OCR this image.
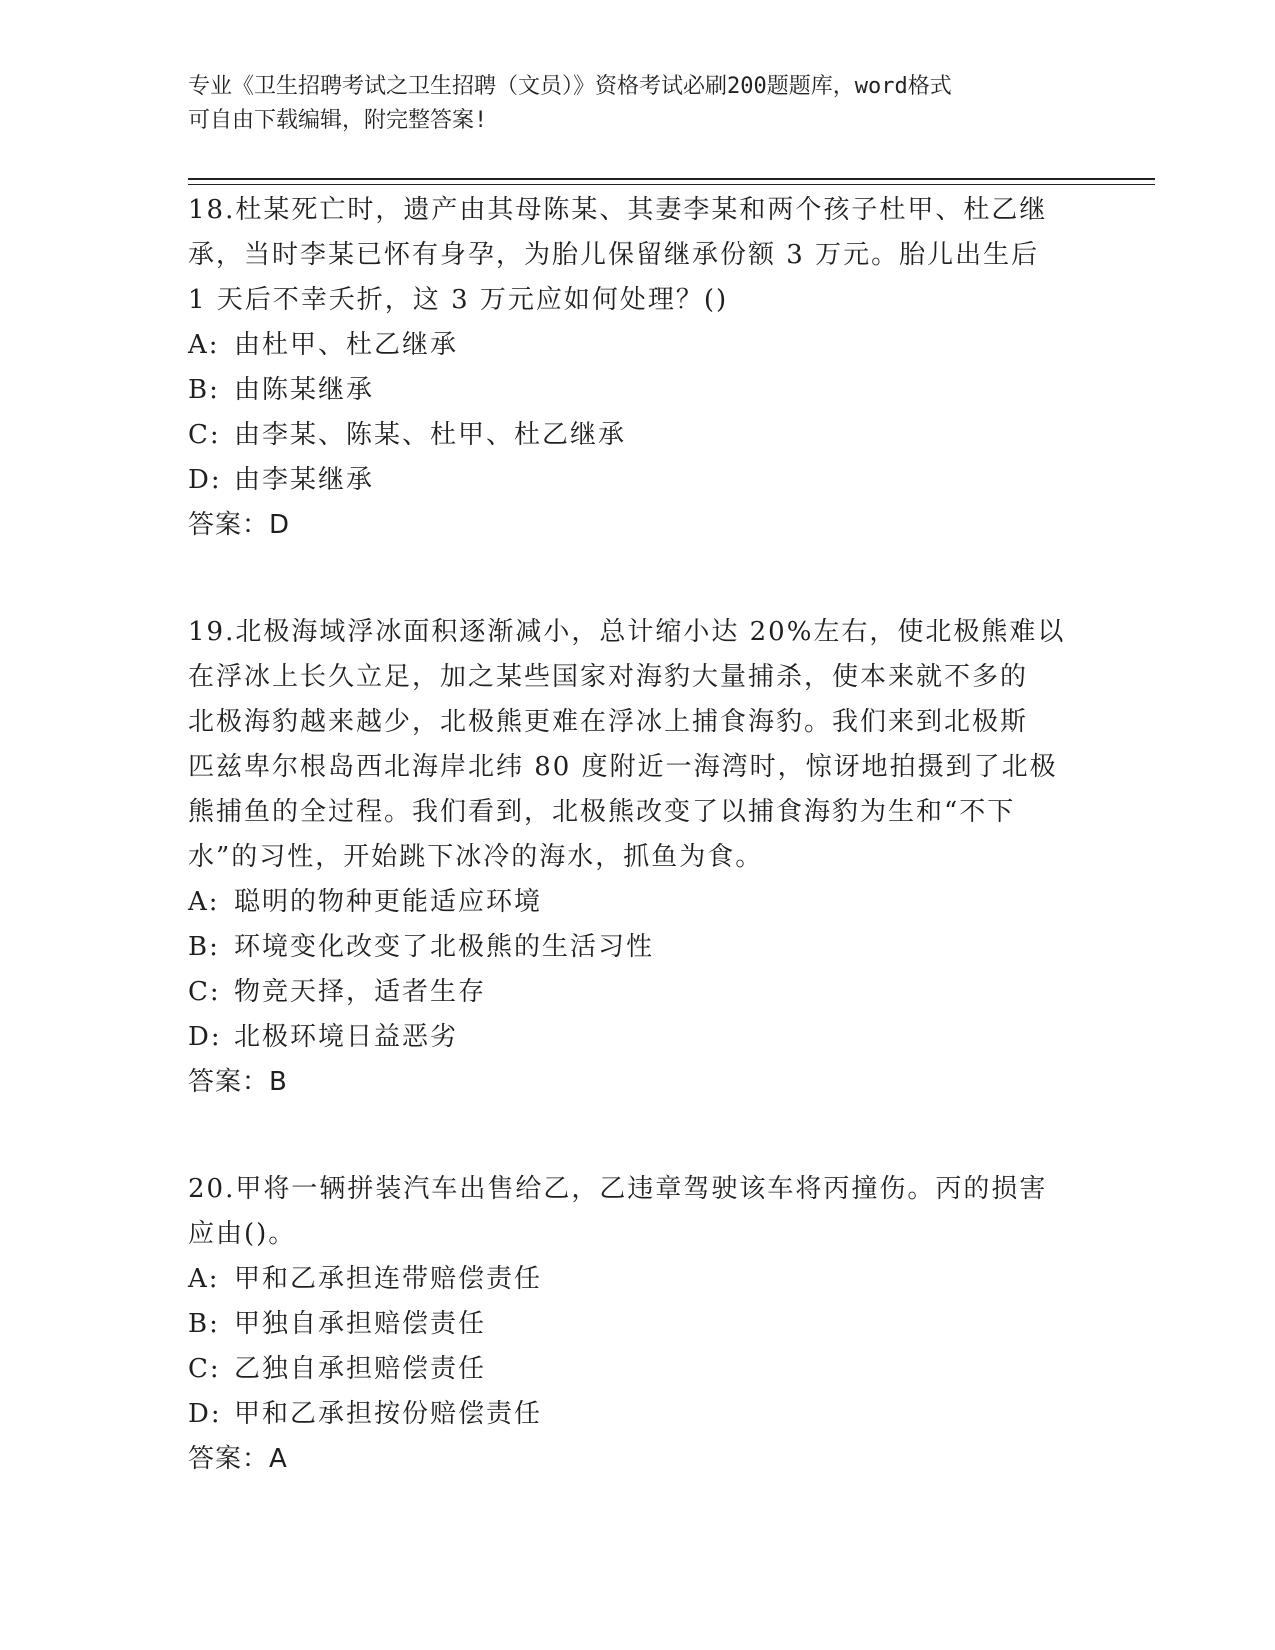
专业《卫生招聘考试之卫生招聘（文员）》资格考试必刷200题题库，word格式
可自由下载编辑，附完整答案!
18.杜某死亡时，遗产由其母陈某、其妻李某和两个孩子杜甲、杜乙继
承，当时李某已怀有身孕，为胎儿保留继承份额 3 万元。胎儿出生后
1 天后不幸夭折，这 3 万元应如何处理？()
A: 由杜甲、杜乙继承
B: 由陈某继承
C: 由李某、陈某、杜甲、杜乙继承
D: 由李某继承
答案：D
19.北极海域浮冰面积逐渐减小，总计缩小达 20%左右，使北极熊难以
在浮冰上长久立足，加之某些国家对海豹大量捕杀，使本来就不多的
北极海豹越来越少，北极熊更难在浮冰上捕食海豹。我们来到北极斯
匹兹卑尔根岛西北海岸北纬 80 度附近一海湾时，惊讶地拍摄到了北极
熊捕鱼的全过程。我们看到，北极熊改变了以捕食海豹为生和“不下
水”的习性，开始跳下冰冷的海水，抓鱼为食。
A: 聪明的物种更能适应环境
B: 环境变化改变了北极熊的生活习性
C: 物竞天择，适者生存
D: 北极环境日益恶劣
答案：B
20.甲将一辆拼装汽车出售给乙，乙违章驾驶该车将丙撞伤。丙的损害
应由()。
A: 甲和乙承担连带赔偿责任
B: 甲独自承担赔偿责任
C: 乙独自承担赔偿责任
D: 甲和乙承担按份赔偿责任
答案：A
